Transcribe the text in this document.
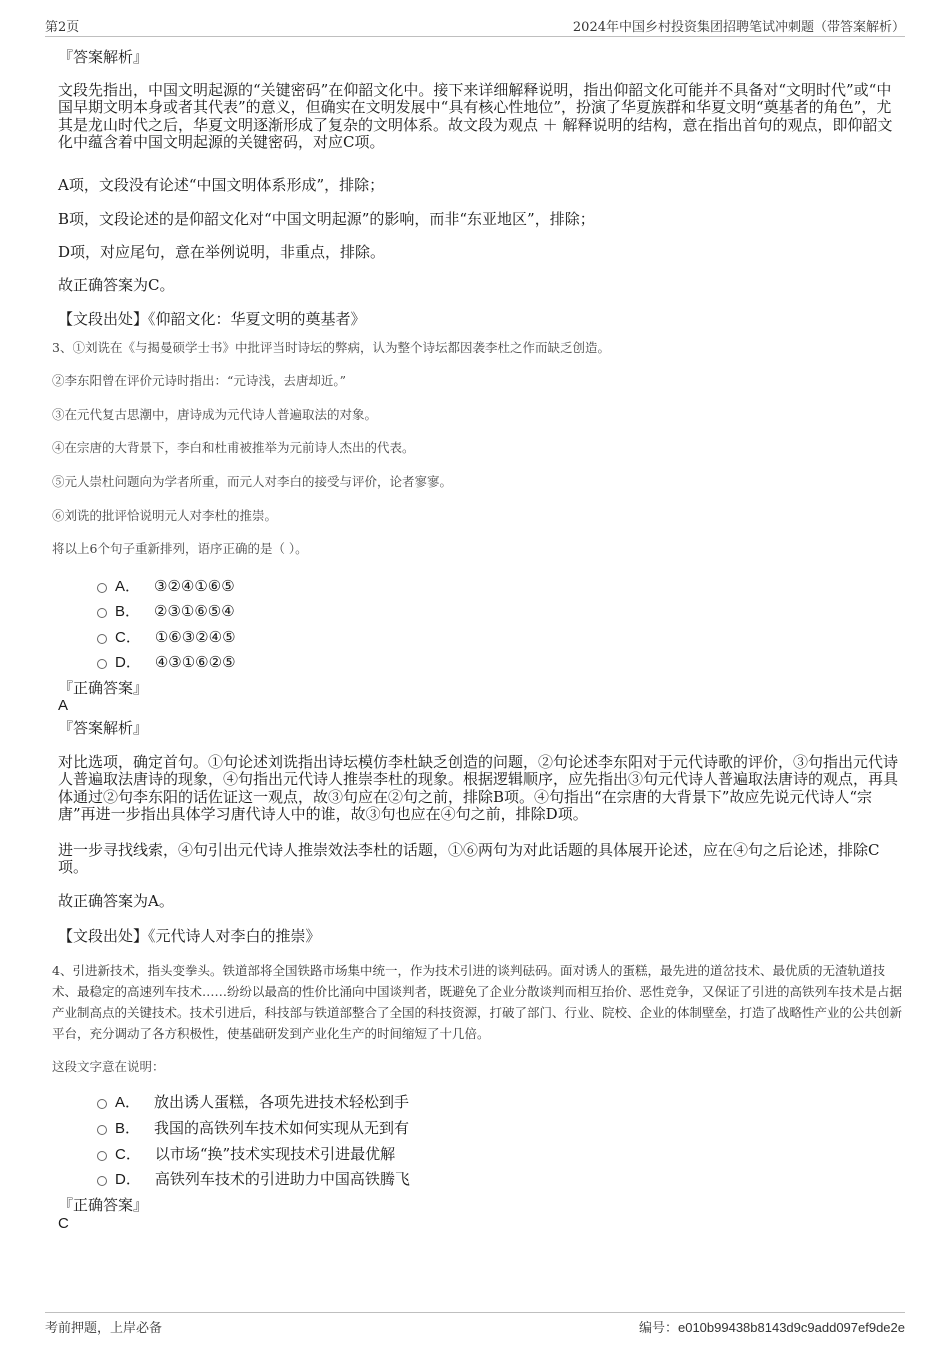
第2页	2024年中国乡村投资集团招聘笔试冲刺题（带答案解析）
『答案解析』
文段先指出，中国文明起源的“关键密码”在仰韶文化中。接下来详细解释说明，指出仰韶文化可能并不具备对“文明时代”或“中国早期文明本身或者其代表”的意义，但确实在文明发展中“具有核心性地位”，扮演了华夏族群和华夏文明“奠基者的角色”，尤其是龙山时代之后，华夏文明逐渐形成了复杂的文明体系。故文段为观点 ＋ 解释说明的结构，意在指出首句的观点，即仰韶文化中蕴含着中国文明起源的关键密码，对应C项。
A项，文段没有论述“中国文明体系形成”，排除；
B项，文段论述的是仰韶文化对“中国文明起源”的影响，而非“东亚地区”，排除；
D项，对应尾句，意在举例说明，非重点，排除。
故正确答案为C。
【文段出处】《仰韶文化：华夏文明的奠基者》
3、①刘诜在《与揭曼硕学士书》中批评当时诗坛的弊病，认为整个诗坛都因袭李杜之作而缺乏创造。
②李东阳曾在评价元诗时指出：“元诗浅，去唐却近。”
③在元代复古思潮中，唐诗成为元代诗人普遍取法的对象。
④在宗唐的大背景下，李白和杜甫被推举为元前诗人杰出的代表。
⑤元人崇杜问题向为学者所重，而元人对李白的接受与评价，论者寥寥。
⑥刘诜的批评恰说明元人对李杜的推崇。
将以上6个句子重新排列，语序正确的是（ ）。
A． ③②④①⑥⑤
B． ②③①⑥⑤④
C． ①⑥③②④⑤
D． ④③①⑥②⑤
『正确答案』
A
『答案解析』
对比选项，确定首句。①句论述刘诜指出诗坛模仿李杜缺乏创造的问题，②句论述李东阳对于元代诗歌的评价，③句指出元代诗人普遍取法唐诗的现象，④句指出元代诗人推崇李杜的现象。根据逻辑顺序，应先指出③句元代诗人普遍取法唐诗的观点，再具体通过②句李东阳的话佐证这一观点，故③句应在②句之前，排除B项。④句指出“在宗唐的大背景下”故应先说元代诗人“宗唐”再进一步指出具体学习唐代诗人中的谁，故③句也应在④句之前，排除D项。
进一步寻找线索，④句引出元代诗人推崇效法李杜的话题，①⑥两句为对此话题的具体展开论述，应在④句之后论述，排除C项。
故正确答案为A。
【文段出处】《元代诗人对李白的推崇》
4、引进新技术，指头变拳头。铁道部将全国铁路市场集中统一，作为技术引进的谈判砝码。面对诱人的蛋糕，最先进的道岔技术、最优质的无渣轨道技术、最稳定的高速列车技术……纷纷以最高的性价比涌向中国谈判者，既避免了企业分散谈判而相互抬价、恶性竞争，又保证了引进的高铁列车技术是占据产业制高点的关键技术。技术引进后，科技部与铁道部整合了全国的科技资源，打破了部门、行业、院校、企业的体制壁垒，打造了战略性产业的公共创新平台，充分调动了各方积极性，使基础研发到产业化生产的时间缩短了十几倍。
这段文字意在说明：
A． 放出诱人蛋糕，各项先进技术轻松到手
B． 我国的高铁列车技术如何实现从无到有
C． 以市场“换”技术实现技术引进最优解
D． 高铁列车技术的引进助力中国高铁腾飞
『正确答案』
C
考前押题，上岸必备	编号：e010b99438b8143d9c9add097ef9de2e
